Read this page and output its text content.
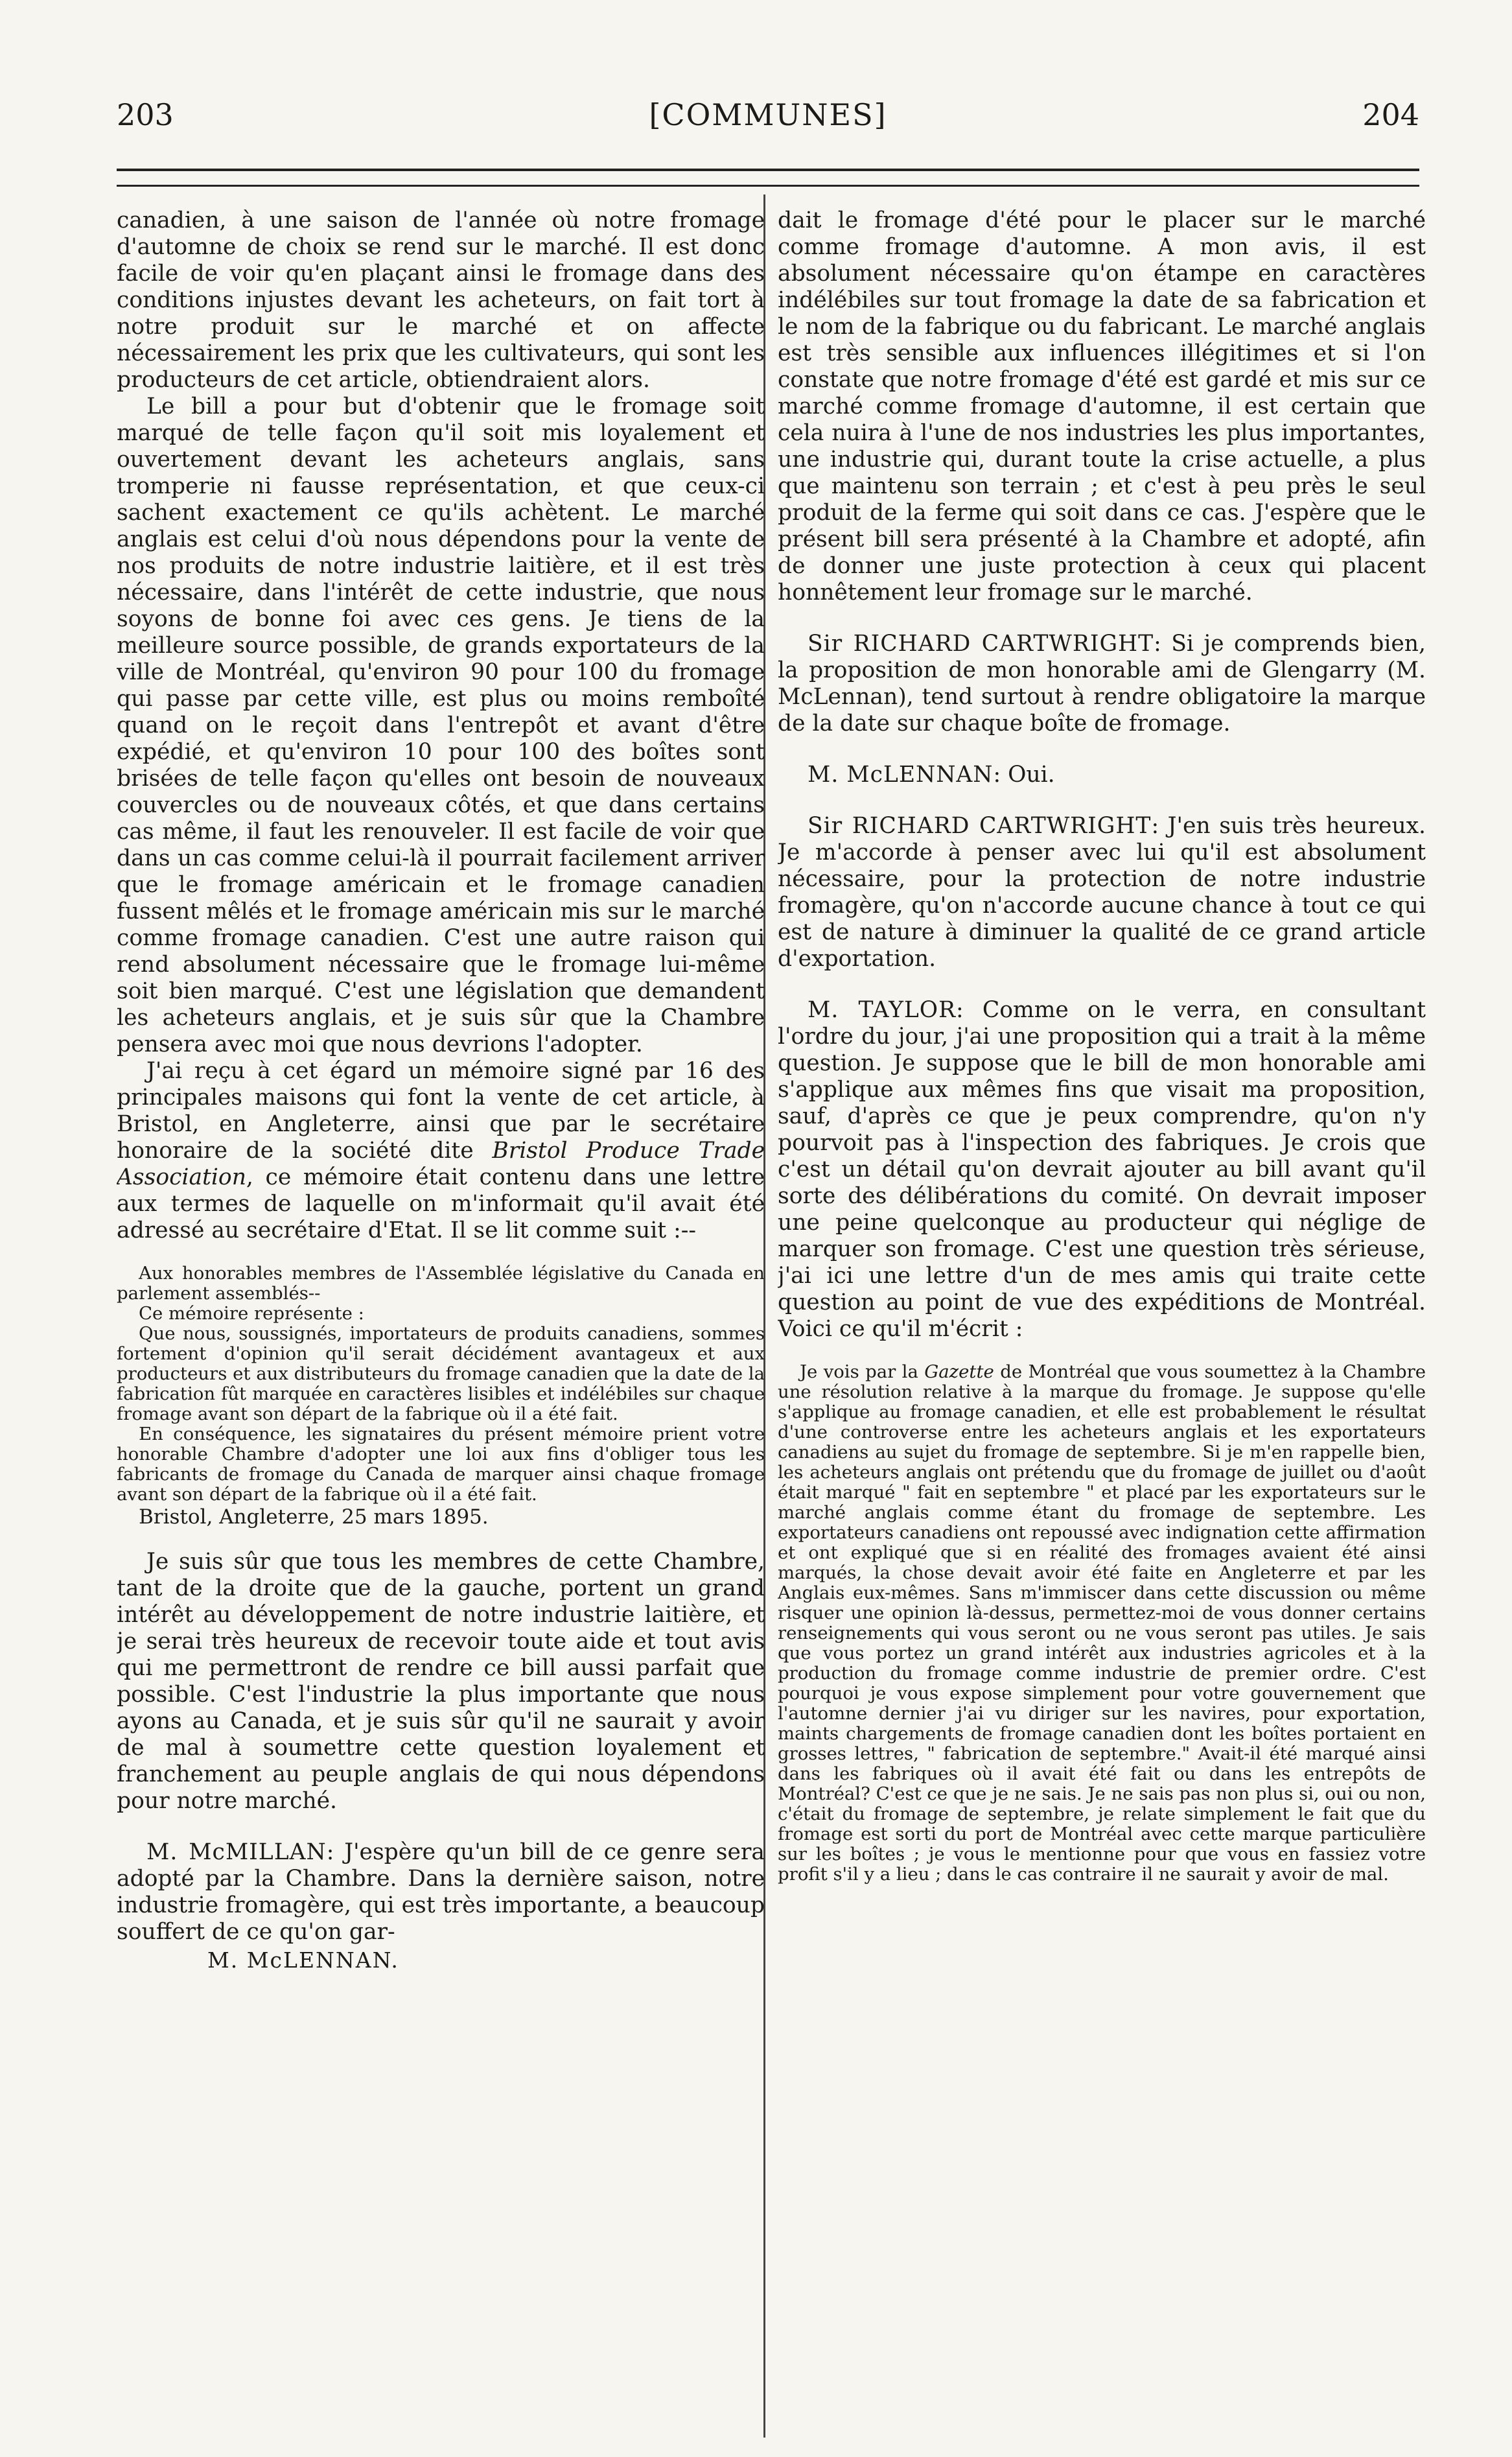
203	[COMMUNES]	204

canadien, à une saison de l'année où notre fromage d'automne de choix se rend sur le marché. Il est donc facile de voir qu'en plaçant ainsi le fromage dans des conditions injustes devant les acheteurs, on fait tort à notre produit sur le marché et on affecte nécessairement les prix que les cultivateurs, qui sont les producteurs de cet article, obtiendraient alors.

Le bill a pour but d'obtenir que le fromage soit marqué de telle façon qu'il soit mis loyalement et ouvertement devant les acheteurs anglais, sans tromperie ni fausse représentation, et que ceux-ci sachent exactement ce qu'ils achètent. Le marché anglais est celui d'où nous dépendons pour la vente de nos produits de notre industrie laitière, et il est très nécessaire, dans l'intérêt de cette industrie, que nous soyons de bonne foi avec ces gens. Je tiens de la meilleure source possible, de grands exportateurs de la ville de Montréal, qu'environ 90 pour 100 du fromage qui passe par cette ville, est plus ou moins remboîté quand on le reçoit dans l'entrepôt et avant d'être expédié, et qu'environ 10 pour 100 des boîtes sont brisées de telle façon qu'elles ont besoin de nouveaux couvercles ou de nouveaux côtés, et que dans certains cas même, il faut les renouveler. Il est facile de voir que dans un cas comme celui-là il pourrait facilement arriver que le fromage américain et le fromage canadien fussent mêlés et le fromage américain mis sur le marché comme fromage canadien. C'est une autre raison qui rend absolument nécessaire que le fromage lui-même soit bien marqué. C'est une législation que demandent les acheteurs anglais, et je suis sûr que la Chambre pensera avec moi que nous devrions l'adopter.

J'ai reçu à cet égard un mémoire signé par 16 des principales maisons qui font la vente de cet article, à Bristol, en Angleterre, ainsi que par le secrétaire honoraire de la société dite Bristol Produce Trade Association, ce mémoire était contenu dans une lettre aux termes de laquelle on m'informait qu'il avait été adressé au secrétaire d'Etat. Il se lit comme suit :--

Aux honorables membres de l'Assemblée législative du Canada en parlement assemblés--

Ce mémoire représente :

Que nous, soussignés, importateurs de produits canadiens, sommes fortement d'opinion qu'il serait décidément avantageux et aux producteurs et aux distributeurs du fromage canadien que la date de la fabrication fût marquée en caractères lisibles et indélébiles sur chaque fromage avant son départ de la fabrique où il a été fait.

En conséquence, les signataires du présent mémoire prient votre honorable Chambre d'adopter une loi aux fins d'obliger tous les fabricants de fromage du Canada de marquer ainsi chaque fromage avant son départ de la fabrique où il a été fait.

Bristol, Angleterre, 25 mars 1895.

Je suis sûr que tous les membres de cette Chambre, tant de la droite que de la gauche, portent un grand intérêt au développement de notre industrie laitière, et je serai très heureux de recevoir toute aide et tout avis qui me permettront de rendre ce bill aussi parfait que possible. C'est l'industrie la plus importante que nous ayons au Canada, et je suis sûr qu'il ne saurait y avoir de mal à soumettre cette question loyalement et franchement au peuple anglais de qui nous dépendons pour notre marché.

M. McMILLAN: J'espère qu'un bill de ce genre sera adopté par la Chambre. Dans la dernière saison, notre industrie fromagère, qui est très importante, a beaucoup souffert de ce qu'on gar-

M. McLENNAN.

dait le fromage d'été pour le placer sur le marché comme fromage d'automne. A mon avis, il est absolument nécessaire qu'on étampe en caractères indélébiles sur tout fromage la date de sa fabrication et le nom de la fabrique ou du fabricant. Le marché anglais est très sensible aux influences illégitimes et si l'on constate que notre fromage d'été est gardé et mis sur ce marché comme fromage d'automne, il est certain que cela nuira à l'une de nos industries les plus importantes, une industrie qui, durant toute la crise actuelle, a plus que maintenu son terrain ; et c'est à peu près le seul produit de la ferme qui soit dans ce cas. J'espère que le présent bill sera présenté à la Chambre et adopté, afin de donner une juste protection à ceux qui placent honnêtement leur fromage sur le marché.

Sir RICHARD CARTWRIGHT: Si je comprends bien, la proposition de mon honorable ami de Glengarry (M. McLennan), tend surtout à rendre obligatoire la marque de la date sur chaque boîte de fromage.

M. McLENNAN: Oui.

Sir RICHARD CARTWRIGHT: J'en suis très heureux. Je m'accorde à penser avec lui qu'il est absolument nécessaire, pour la protection de notre industrie fromagère, qu'on n'accorde aucune chance à tout ce qui est de nature à diminuer la qualité de ce grand article d'exportation.

M. TAYLOR: Comme on le verra, en consultant l'ordre du jour, j'ai une proposition qui a trait à la même question. Je suppose que le bill de mon honorable ami s'applique aux mêmes fins que visait ma proposition, sauf, d'après ce que je peux comprendre, qu'on n'y pourvoit pas à l'inspection des fabriques. Je crois que c'est un détail qu'on devrait ajouter au bill avant qu'il sorte des délibérations du comité. On devrait imposer une peine quelconque au producteur qui néglige de marquer son fromage. C'est une question très sérieuse, j'ai ici une lettre d'un de mes amis qui traite cette question au point de vue des expéditions de Montréal. Voici ce qu'il m'écrit :

Je vois par la Gazette de Montréal que vous soumettez à la Chambre une résolution relative à la marque du fromage. Je suppose qu'elle s'applique au fromage canadien, et elle est probablement le résultat d'une controverse entre les acheteurs anglais et les exportateurs canadiens au sujet du fromage de septembre. Si je m'en rappelle bien, les acheteurs anglais ont prétendu que du fromage de juillet ou d'août était marqué " fait en septembre " et placé par les exportateurs sur le marché anglais comme étant du fromage de septembre. Les exportateurs canadiens ont repoussé avec indignation cette affirmation et ont expliqué que si en réalité des fromages avaient été ainsi marqués, la chose devait avoir été faite en Angleterre et par les Anglais eux-mêmes. Sans m'immiscer dans cette discussion ou même risquer une opinion là-dessus, permettez-moi de vous donner certains renseignements qui vous seront ou ne vous seront pas utiles. Je sais que vous portez un grand intérêt aux industries agricoles et à la production du fromage comme industrie de premier ordre. C'est pourquoi je vous expose simplement pour votre gouvernement que l'automne dernier j'ai vu diriger sur les navires, pour exportation, maints chargements de fromage canadien dont les boîtes portaient en grosses lettres, " fabrication de septembre." Avait-il été marqué ainsi dans les fabriques où il avait été fait ou dans les entrepôts de Montréal? C'est ce que je ne sais. Je ne sais pas non plus si, oui ou non, c'était du fromage de septembre, je relate simplement le fait que du fromage est sorti du port de Montréal avec cette marque particulière sur les boîtes ; je vous le mentionne pour que vous en fassiez votre profit s'il y a lieu ; dans le cas contraire il ne saurait y avoir de mal.
